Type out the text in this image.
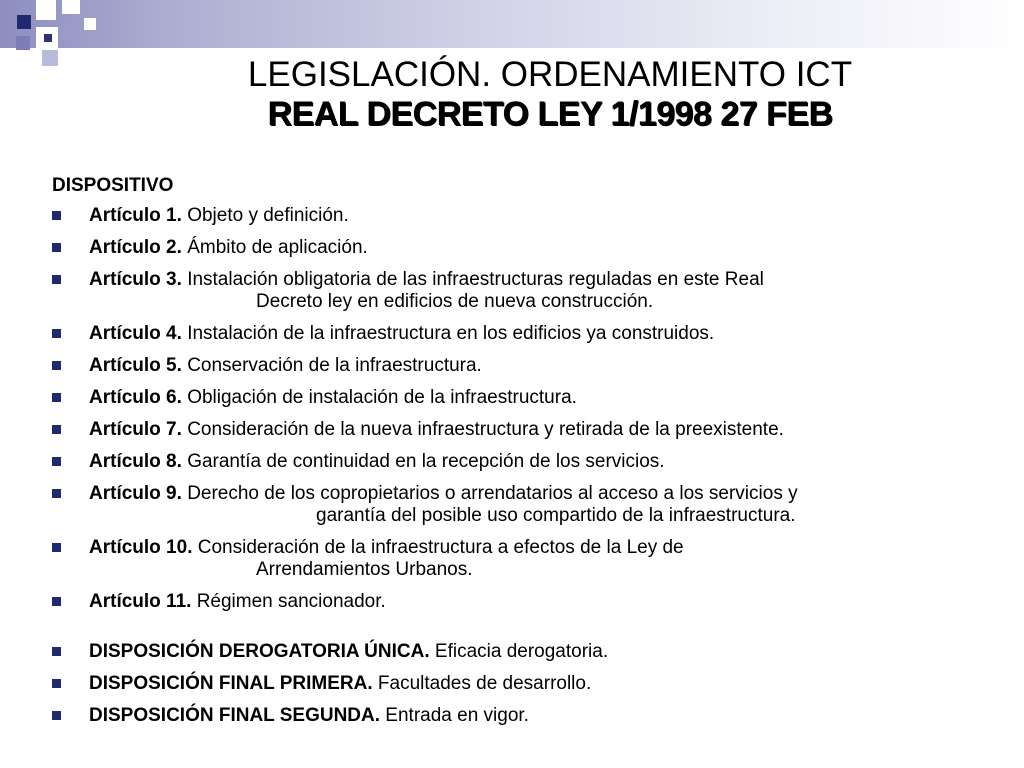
LEGISLACIÓN. ORDENAMIENTO ICT
REAL DECRETO LEY 1/1998 27 FEB
DISPOSITIVO
Artículo 1. Objeto y definición.
Artículo 2. Ámbito de aplicación.
Artículo 3. Instalación obligatoria de las infraestructuras reguladas en este Real
Decreto ley en edificios de nueva construcción.
Artículo 4. Instalación de la infraestructura en los edificios ya construidos.
Artículo 5. Conservación de la infraestructura.
Artículo 6. Obligación de instalación de la infraestructura.
Artículo 7. Consideración de la nueva infraestructura y retirada de la preexistente.
Artículo 8. Garantía de continuidad en la recepción de los servicios.
Artículo 9. Derecho de los copropietarios o arrendatarios al acceso a los servicios y
garantía del posible uso compartido de la infraestructura.
Artículo 10. Consideración de la infraestructura a efectos de la Ley de
Arrendamientos Urbanos.
Artículo 11. Régimen sancionador.
DISPOSICIÓN DEROGATORIA ÚNICA. Eficacia derogatoria.
DISPOSICIÓN FINAL PRIMERA. Facultades de desarrollo.
DISPOSICIÓN FINAL SEGUNDA. Entrada en vigor.
